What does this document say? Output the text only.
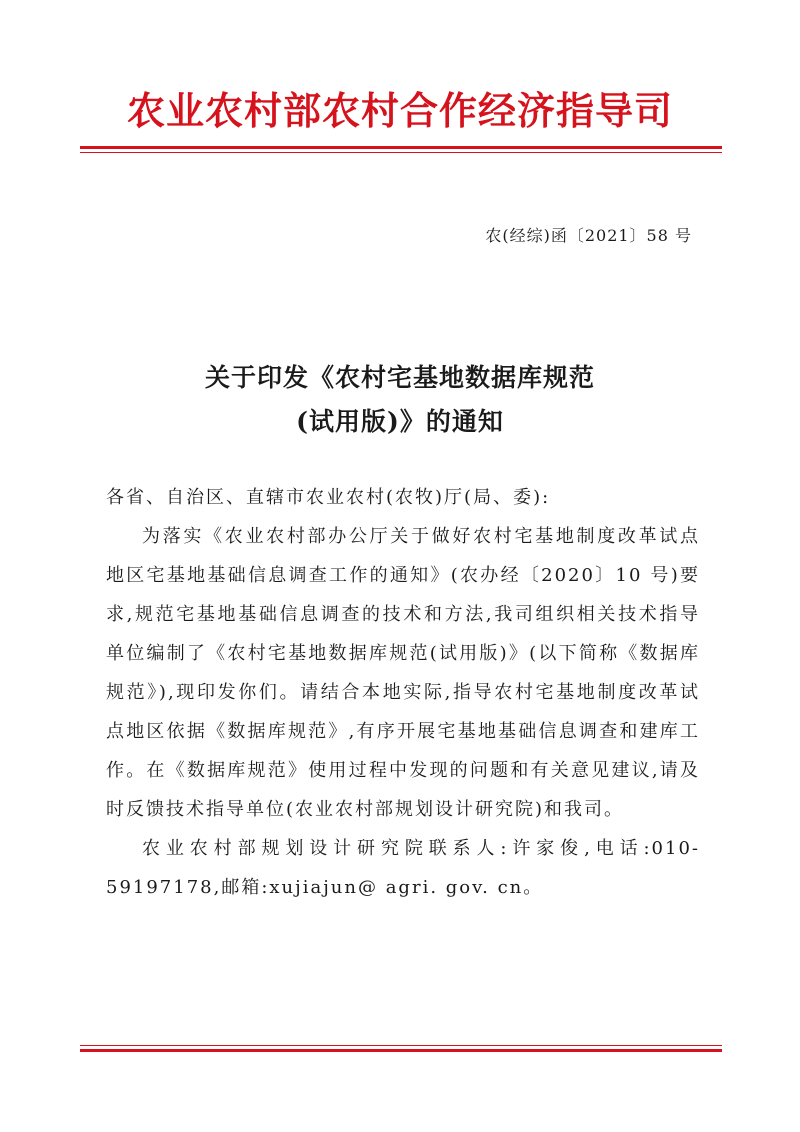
农业农村部农村合作经济指导司
农(经综)函〔2021〕58 号
关于印发《农村宅基地数据库规范
(试用版)》的通知

各省、自治区、直辖市农业农村(农牧)厅(局、委):

为落实《农业农村部办公厅关于做好农村宅基地制度改革试点地区宅基地基础信息调查工作的通知》(农办经〔2020〕10 号)要求,规范宅基地基础信息调查的技术和方法,我司组织相关技术指导单位编制了《农村宅基地数据库规范(试用版)》(以下简称《数据库规范》),现印发你们。请结合本地实际,指导农村宅基地制度改革试点地区依据《数据库规范》,有序开展宅基地基础信息调查和建库工作。在《数据库规范》使用过程中发现的问题和有关意见建议,请及时反馈技术指导单位(农业农村部规划设计研究院)和我司。

农业农村部规划设计研究院联系人:许家俊,电话:010-59197178,邮箱:xujiajun@ agri. gov. cn。
